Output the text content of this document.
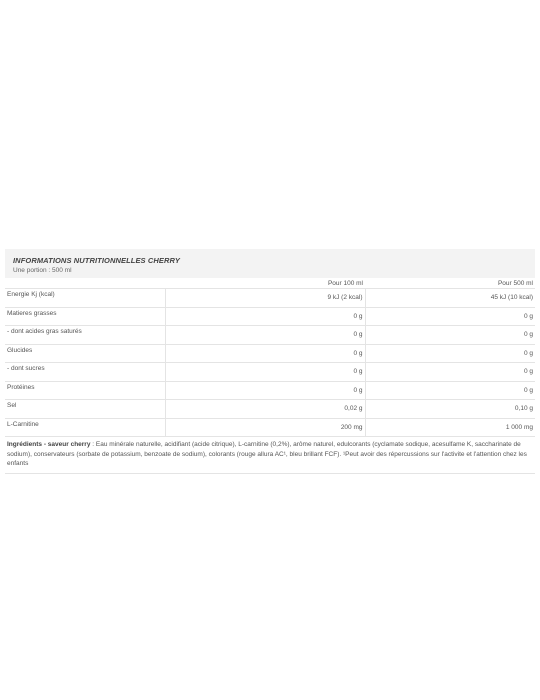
INFORMATIONS NUTRITIONNELLES CHERRY
Une portion : 500 ml
	Pour 100 ml	Pour 500 ml
Energie Kj (kcal)	9 kJ (2 kcal)	45 kJ (10 kcal)
Matieres grasses	0 g	0 g
- dont acides gras saturés	0 g	0 g
Glucides	0 g	0 g
- dont sucres	0 g	0 g
Protéines	0 g	0 g
Sel	0,02 g	0,10 g
L-Carnitine	200 mg	1 000 mg
Ingrédients - saveur cherry : Eau minérale naturelle, acidifiant (acide citrique), L-carnitine (0,2%), arôme naturel, edulcorants (cyclamate sodique, acesulfame K, saccharinate de sodium), conservateurs (sorbate de potassium, benzoate de sodium), colorants (rouge allura AC¹, bleu brillant FCF). ¹Peut avoir des répercussions sur l'activite et l'attention chez les enfants
